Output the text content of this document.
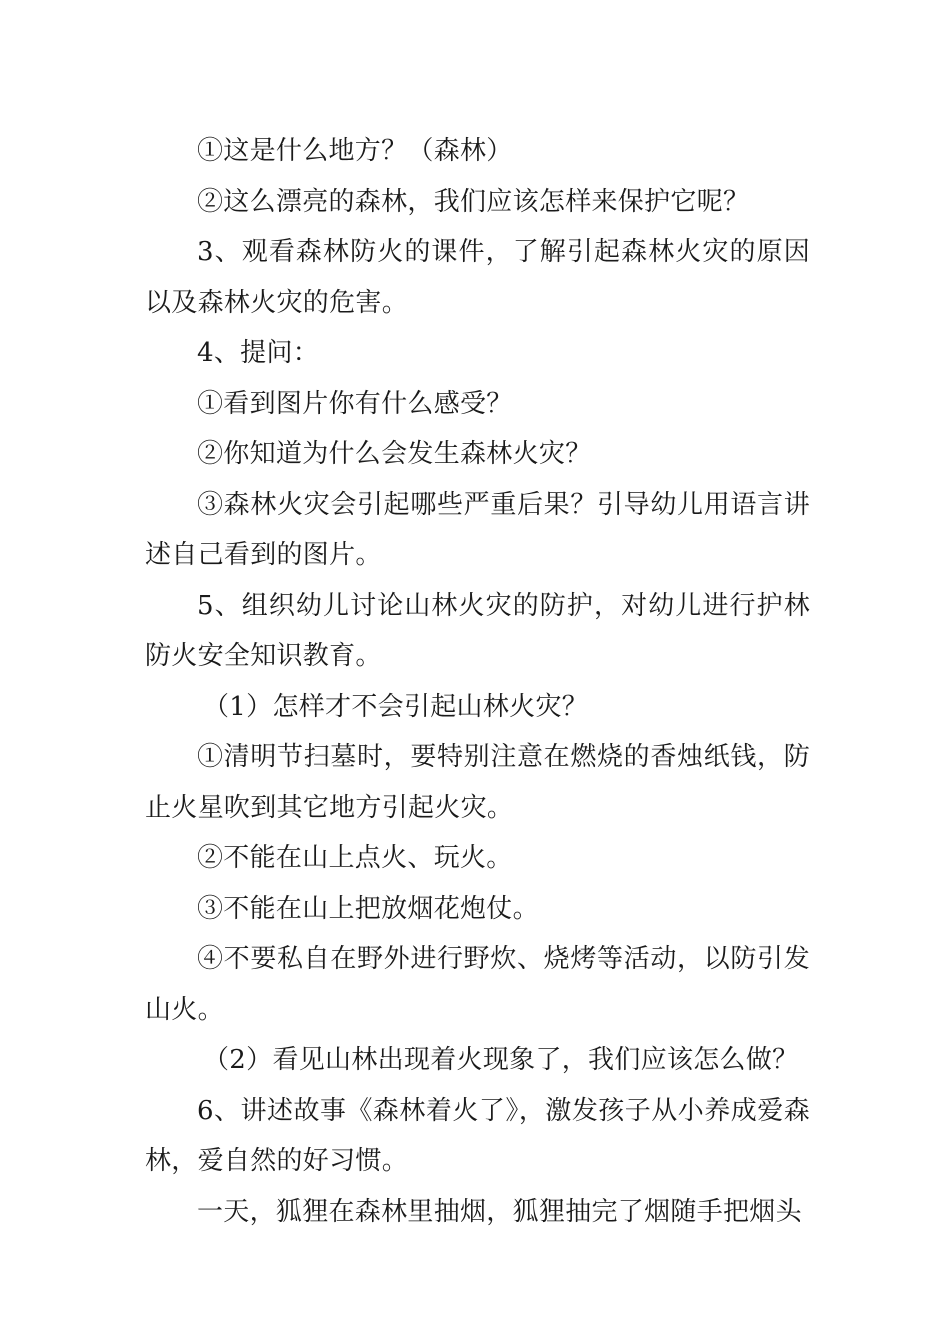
①这是什么地方？（森林）

②这么漂亮的森林，我们应该怎样来保护它呢？

3、观看森林防火的课件，了解引起森林火灾的原因以及森林火灾的危害。

4、提问：

①看到图片你有什么感受？

②你知道为什么会发生森林火灾？

③森林火灾会引起哪些严重后果？引导幼儿用语言讲述自己看到的图片。

5、组织幼儿讨论山林火灾的防护，对幼儿进行护林防火安全知识教育。

（1）怎样才不会引起山林火灾？

①清明节扫墓时，要特别注意在燃烧的香烛纸钱，防止火星吹到其它地方引起火灾。

②不能在山上点火、玩火。

③不能在山上把放烟花炮仗。

④不要私自在野外进行野炊、烧烤等活动，以防引发山火。

（2）看见山林出现着火现象了，我们应该怎么做？

6、讲述故事《森林着火了》，激发孩子从小养成爱森林，爱自然的好习惯。

一天，狐狸在森林里抽烟，狐狸抽完了烟随手把烟头
